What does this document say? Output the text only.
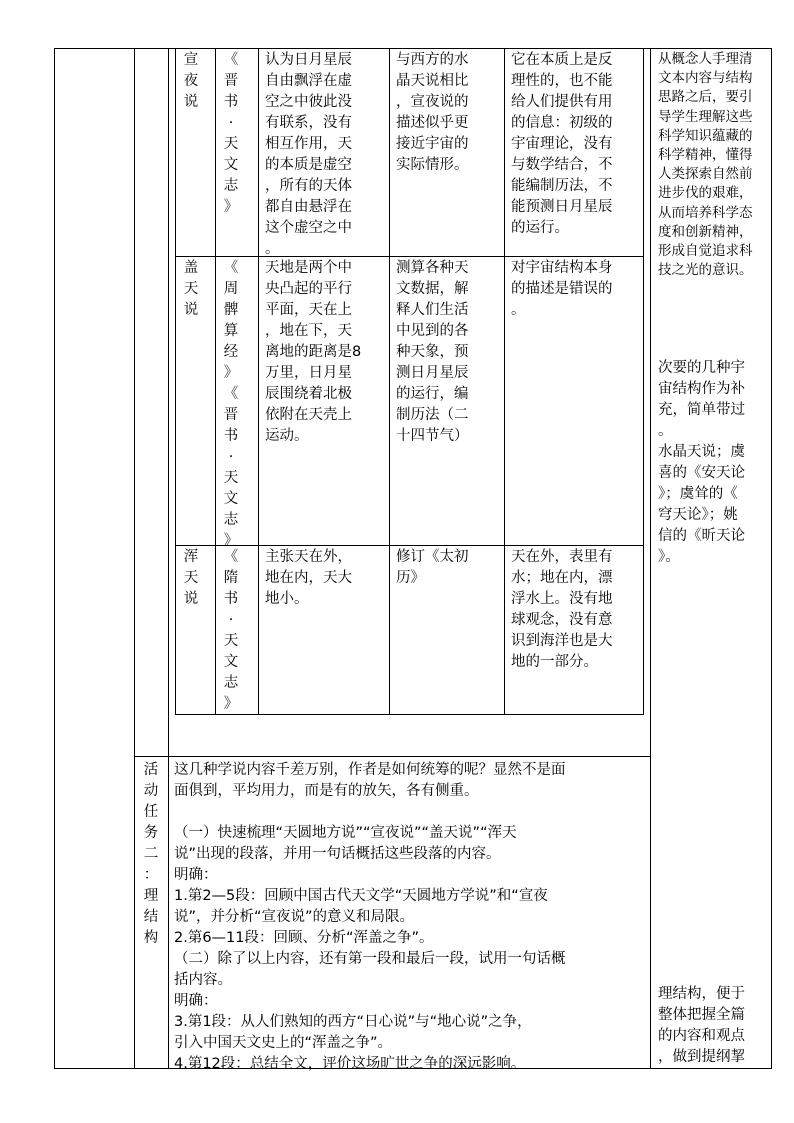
宣
夜
说
《
晋
书
·
天
文
志
》
认为日月星辰
自由飘浮在虚
空之中彼此没
有联系，没有
相互作用，天
的本质是虚空
，所有的天体
都自由悬浮在
这个虚空之中
。
与西方的水
晶天说相比
，宣夜说的
描述似乎更
接近宇宙的
实际情形。
它在本质上是反
理性的，也不能
给人们提供有用
的信息：初级的
宇宙理论，没有
与数学结合，不
能编制历法，不
能预测日月星辰
的运行。
盖
天
说
《
周
髀
算
经
》
《
晋
书
·
天
文
志
》
天地是两个中
央凸起的平行
平面，天在上
，地在下，天
离地的距离是8
万里，日月星
辰围绕着北极
依附在天壳上
运动。
测算各种天
文数据，解
释人们生活
中见到的各
种天象，预
测日月星辰
的运行，编
制历法（二
十四节气）
对宇宙结构本身
的描述是错误的
。
浑
天
说
《
隋
书
·
天
文
志
》
主张天在外，
地在内，天大
地小。
修订《太初
历》
天在外，表里有
水；地在内，漂
浮水上。没有地
球观念，没有意
识到海洋也是大
地的一部分。
从概念人手理清
文本内容与结构
思路之后，要引
导学生理解这些
科学知识蕴藏的
科学精神，懂得
人类探索自然前
进步伐的艰难，
从而培养科学态
度和创新精神，
形成自觉追求科
技之光的意识。
次要的几种宇
宙结构作为补
充，简单带过
。
水晶天说；虞
喜的《安天论
》；虞耸的《
穹天论》；姚
信的《昕天论
》。
理结构，便于
整体把握全篇
的内容和观点
，做到提纲挈
活
动
任
务
二
：
理
结
构
这几种学说内容千差万别，作者是如何统筹的呢？显然不是面
面俱到，平均用力，而是有的放矢，各有侧重。

（一）快速梳理“天圆地方说”“宣夜说”“盖天说”“浑天
说”出现的段落，并用一句话概括这些段落的内容。
明确：
1.第2—5段：回顾中国古代天文学“天圆地方学说”和“宣夜
说”，并分析“宣夜说”的意义和局限。
2.第6—11段：回顾、分析“浑盖之争”。
（二）除了以上内容，还有第一段和最后一段，试用一句话概
括内容。
明确：
3.第1段：从人们熟知的西方“日心说”与“地心说”之争，
引入中国天文史上的“浑盖之争”。
4.第12段：总结全文，评价这场旷世之争的深远影响。
